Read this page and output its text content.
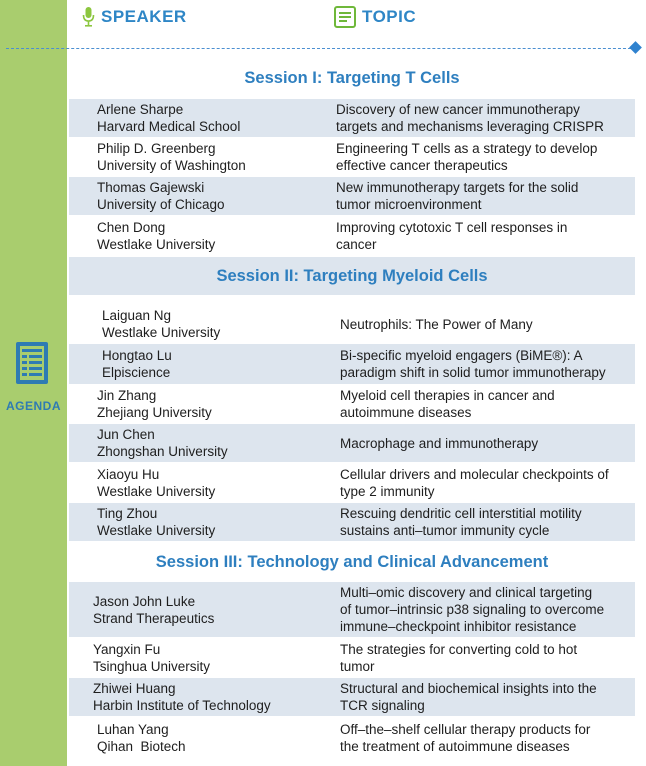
AGENDA
SPEAKER	TOPIC
Session I: Targeting T Cells
Arlene Sharpe
Harvard Medical School
Discovery of new cancer immunotherapy
targets and mechanisms leveraging CRISPR
Philip D. Greenberg
University of Washington
Engineering T cells as a strategy to develop
effective cancer therapeutics
Thomas Gajewski
University of Chicago
New immunotherapy targets for the solid
tumor microenvironment
Chen Dong
Westlake University
Improving cytotoxic T cell responses in
cancer
Session II: Targeting Myeloid Cells
Laiguan Ng
Westlake University
Neutrophils: The Power of Many
Hongtao Lu
Elpiscience
Bi-specific myeloid engagers (BiME®): A
paradigm shift in solid tumor immunotherapy
Jin Zhang
Zhejiang University
Myeloid cell therapies in cancer and
autoimmune diseases
Jun Chen
Zhongshan University
Macrophage and immunotherapy
Xiaoyu Hu
Westlake University
Cellular drivers and molecular checkpoints of
type 2 immunity
Ting Zhou
Westlake University
Rescuing dendritic cell interstitial motility
sustains anti–tumor immunity cycle
Session III: Technology and Clinical Advancement
Jason John Luke
Strand Therapeutics
Multi–omic discovery and clinical targeting
of tumor–intrinsic p38 signaling to overcome
immune–checkpoint inhibitor resistance
Yangxin Fu
Tsinghua University
The strategies for converting cold to hot
tumor
Zhiwei Huang
Harbin Institute of Technology
Structural and biochemical insights into the
TCR signaling
Luhan Yang
Qihan  Biotech
Off–the–shelf cellular therapy products for
the treatment of autoimmune diseases
